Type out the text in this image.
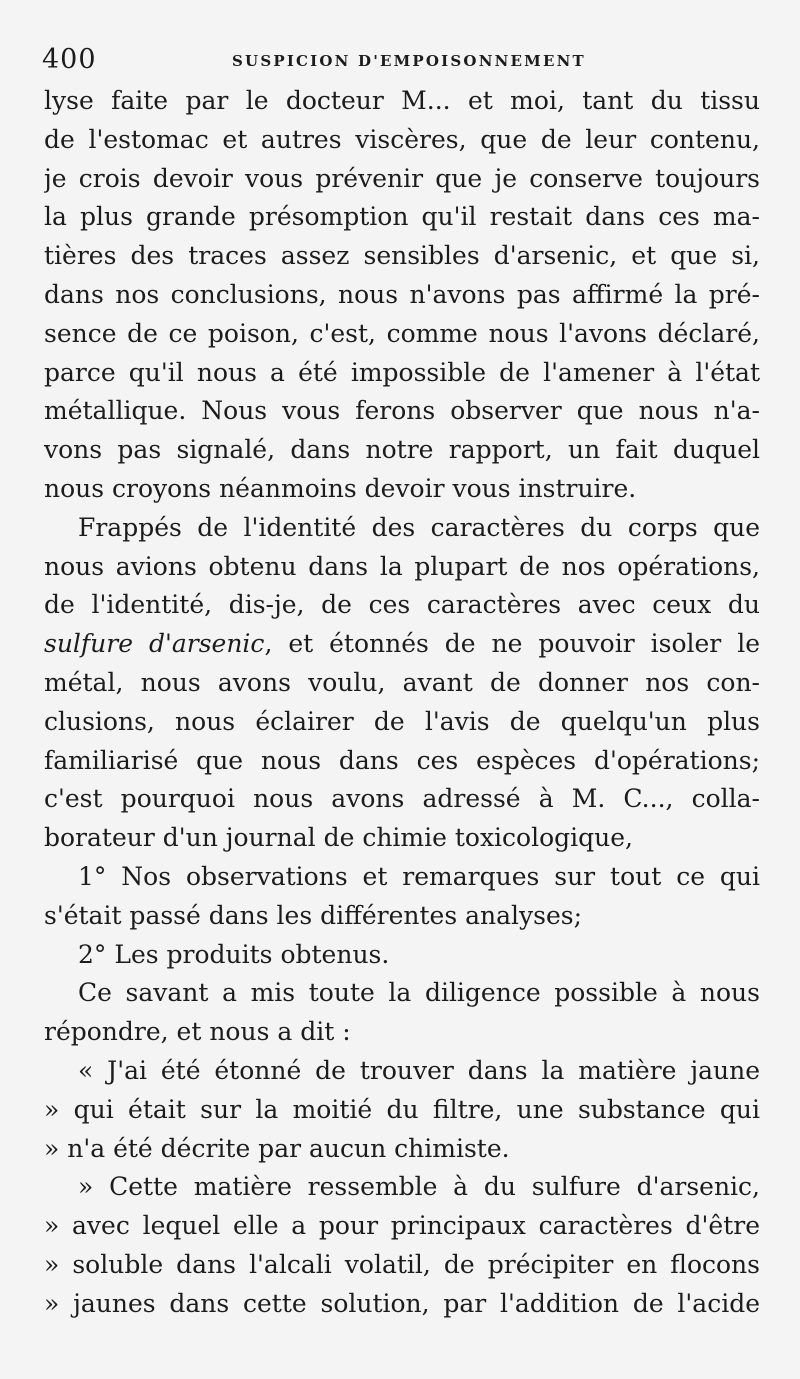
400	SUSPICION D'EMPOISONNEMENT
lyse faite par le docteur M... et moi, tant du tissu
de l'estomac et autres viscères, que de leur contenu,
je crois devoir vous prévenir que je conserve toujours
la plus grande présomption qu'il restait dans ces ma-
tières des traces assez sensibles d'arsenic, et que si,
dans nos conclusions, nous n'avons pas affirmé la pré-
sence de ce poison, c'est, comme nous l'avons déclaré,
parce qu'il nous a été impossible de l'amener à l'état
métallique. Nous vous ferons observer que nous n'a-
vons pas signalé, dans notre rapport, un fait duquel
nous croyons néanmoins devoir vous instruire.
Frappés de l'identité des caractères du corps que
nous avions obtenu dans la plupart de nos opérations,
de l'identité, dis-je, de ces caractères avec ceux du
sulfure d'arsenic, et étonnés de ne pouvoir isoler le
métal, nous avons voulu, avant de donner nos con-
clusions, nous éclairer de l'avis de quelqu'un plus
familiarisé que nous dans ces espèces d'opérations;
c'est pourquoi nous avons adressé à M. C..., colla-
borateur d'un journal de chimie toxicologique,
1° Nos observations et remarques sur tout ce qui
s'était passé dans les différentes analyses;
2° Les produits obtenus.
Ce savant a mis toute la diligence possible à nous
répondre, et nous a dit :
« J'ai été étonné de trouver dans la matière jaune
» qui était sur la moitié du filtre, une substance qui
» n'a été décrite par aucun chimiste.
» Cette matière ressemble à du sulfure d'arsenic,
» avec lequel elle a pour principaux caractères d'être
» soluble dans l'alcali volatil, de précipiter en flocons
» jaunes dans cette solution, par l'addition de l'acide
